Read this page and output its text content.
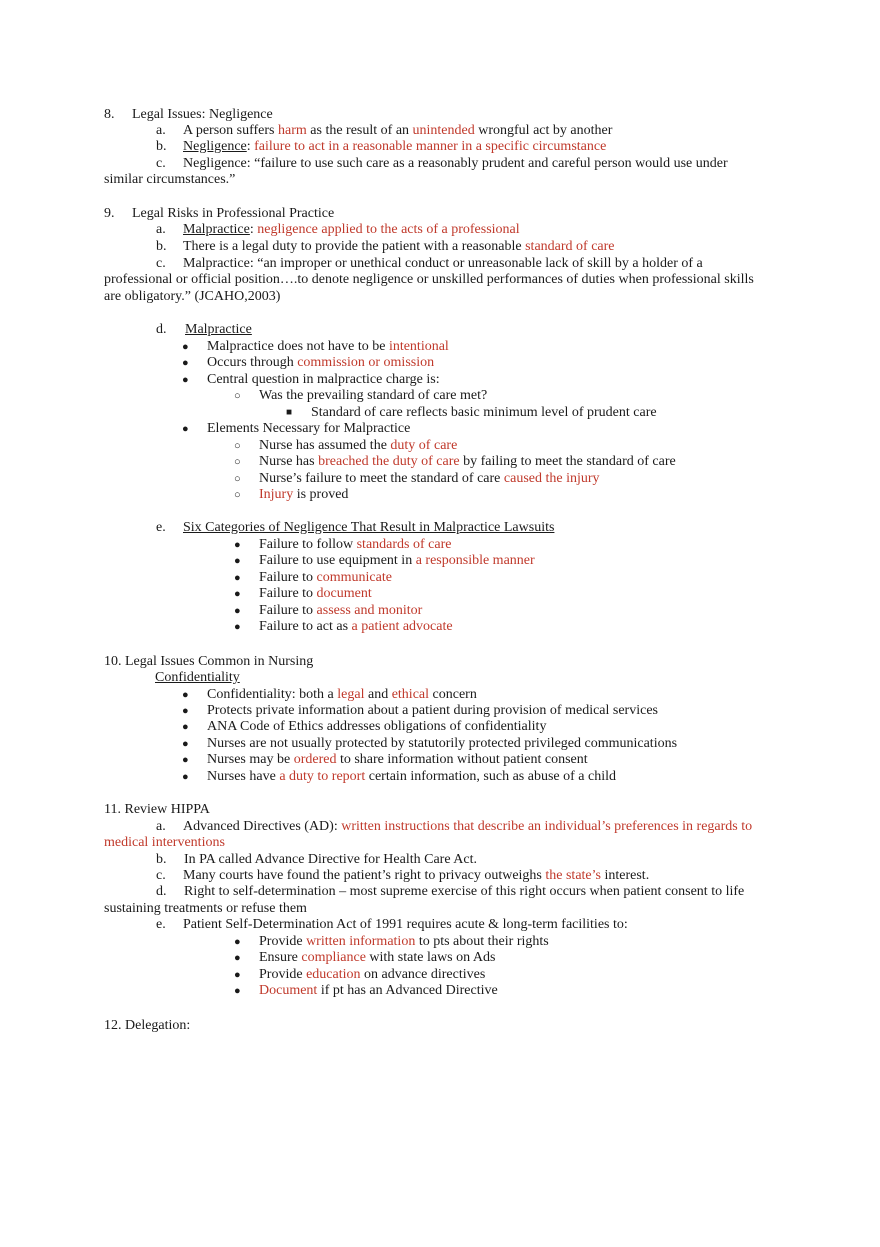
8.     Legal Issues: Negligence
a. A person suffers harm as the result of an unintended wrongful act by another
b. Negligence: failure to act in a reasonable manner in a specific circumstance
c. Negligence: “failure to use such care as a reasonably prudent and careful person would use under
similar circumstances.”
9.     Legal Risks in Professional Practice
a. Malpractice: negligence applied to the acts of a professional
b. There is a legal duty to provide the patient with a reasonable standard of care
c. Malpractice: “an improper or unethical conduct or unreasonable lack of skill by a holder of a
professional or official position….to denote negligence or unskilled performances of duties when professional skills
are obligatory.” (JCAHO,2003)
d. Malpractice
● Malpractice does not have to be intentional
● Occurs through commission or omission
● Central question in malpractice charge is:
○ Was the prevailing standard of care met?
■ Standard of care reflects basic minimum level of prudent care
● Elements Necessary for Malpractice
○ Nurse has assumed the duty of care
○ Nurse has breached the duty of care by failing to meet the standard of care
○ Nurse’s failure to meet the standard of care caused the injury
○ Injury is proved
e. Six Categories of Negligence That Result in Malpractice Lawsuits
● Failure to follow standards of care
● Failure to use equipment in a responsible manner
● Failure to communicate
● Failure to document
● Failure to assess and monitor
● Failure to act as a patient advocate
10. Legal Issues Common in Nursing
Confidentiality
● Confidentiality: both a legal and ethical concern
● Protects private information about a patient during provision of medical services
● ANA Code of Ethics addresses obligations of confidentiality
● Nurses are not usually protected by statutorily protected privileged communications
● Nurses may be ordered to share information without patient consent
● Nurses have a duty to report certain information, such as abuse of a child
11. Review HIPPA
a. Advanced Directives (AD): written instructions that describe an individual’s preferences in regards to
medical interventions
b. In PA called Advance Directive for Health Care Act.
c. Many courts have found the patient’s right to privacy outweighs the state’s interest.
d. Right to self-determination – most supreme exercise of this right occurs when patient consent to life
sustaining treatments or refuse them
e. Patient Self-Determination Act of 1991 requires acute & long-term facilities to:
● Provide written information to pts about their rights
● Ensure compliance with state laws on Ads
● Provide education on advance directives
● Document if pt has an Advanced Directive
12. Delegation:
